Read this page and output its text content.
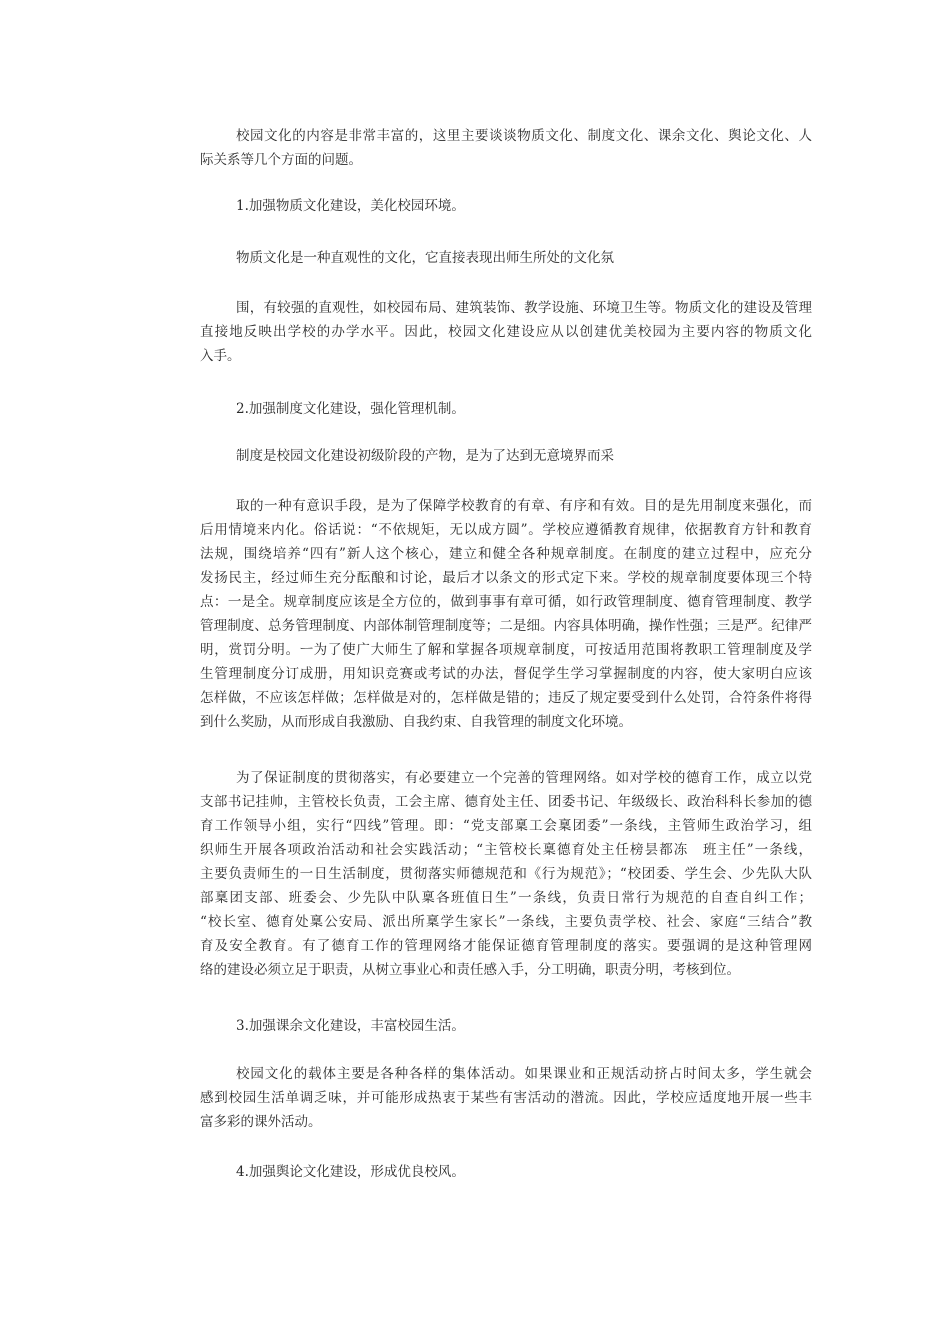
校园文化的内容是非常丰富的，这里主要谈谈物质文化、制度文化、课余文化、舆论文化、人
际关系等几个方面的问题。
1.加强物质文化建设，美化校园环境。
物质文化是一种直观性的文化，它直接表现出师生所处的文化氛
围，有较强的直观性，如校园布局、建筑装饰、教学设施、环境卫生等。物质文化的建设及管理
直接地反映出学校的办学水平。因此，校园文化建设应从以创建优美校园为主要内容的物质文化
入手。
2.加强制度文化建设，强化管理机制。
制度是校园文化建设初级阶段的产物，是为了达到无意境界而采
取的一种有意识手段，是为了保障学校教育的有章、有序和有效。目的是先用制度来强化，而
后用情境来内化。俗话说：“不依规矩，无以成方圆”。学校应遵循教育规律，依据教育方针和教育
法规，围绕培养“四有”新人这个核心，建立和健全各种规章制度。在制度的建立过程中，应充分
发扬民主，经过师生充分酝酿和讨论，最后才以条文的形式定下来。学校的规章制度要体现三个特
点：一是全。规章制度应该是全方位的，做到事事有章可循，如行政管理制度、德育管理制度、教学
管理制度、总务管理制度、内部体制管理制度等；二是细。内容具体明确，操作性强；三是严。纪律严
明，赏罚分明。ㅡ为了使广大师生了解和掌握各项规章制度，可按适用范围将教职工管理制度及学
生管理制度分订成册，用知识竞赛或考试的办法，督促学生学习掌握制度的内容，使大家明白应该
怎样做，不应该怎样做；怎样做是对的，怎样做是错的；违反了规定要受到什么处罚，合符条件将得
到什么奖励，从而形成自我激励、自我约束、自我管理的制度文化环境。
为了保证制度的贯彻落实，有必要建立一个完善的管理网络。如对学校的德育工作，成立以党
支部书记挂帅，主管校长负责，工会主席、德育处主任、团委书记、年级级长、政治科科长参加的德
育工作领导小组，实行“四线”管理。即：“党支部稟工会稟团委”一条线，主管师生政治学习，组
织师生开展各项政治活动和社会实践活动；“主管校长稟德育处主任榜昙都冻　班主任”一条线，
主要负责师生的一日生活制度，贯彻落实师德规范和《行为规范》；“校团委、学生会、少先队大队
部稟团支部、班委会、少先队中队稟各班值日生”一条线，负责日常行为规范的自查自纠工作；
“校长室、德育处稟公安局、派出所稟学生家长”一条线，主要负责学校、社会、家庭“三结合”教
育及安全教育。有了德育工作的管理网络才能保证德育管理制度的落实。要强调的是这种管理网
络的建设必须立足于职责，从树立事业心和责任感入手，分工明确，职责分明，考核到位。
3.加强课余文化建设，丰富校园生活。
校园文化的载体主要是各种各样的集体活动。如果课业和正规活动挤占时间太多，学生就会
感到校园生活单调乏味，并可能形成热衷于某些有害活动的潜流。因此，学校应适度地开展一些丰
富多彩的课外活动。
4.加强舆论文化建设，形成优良校风。
